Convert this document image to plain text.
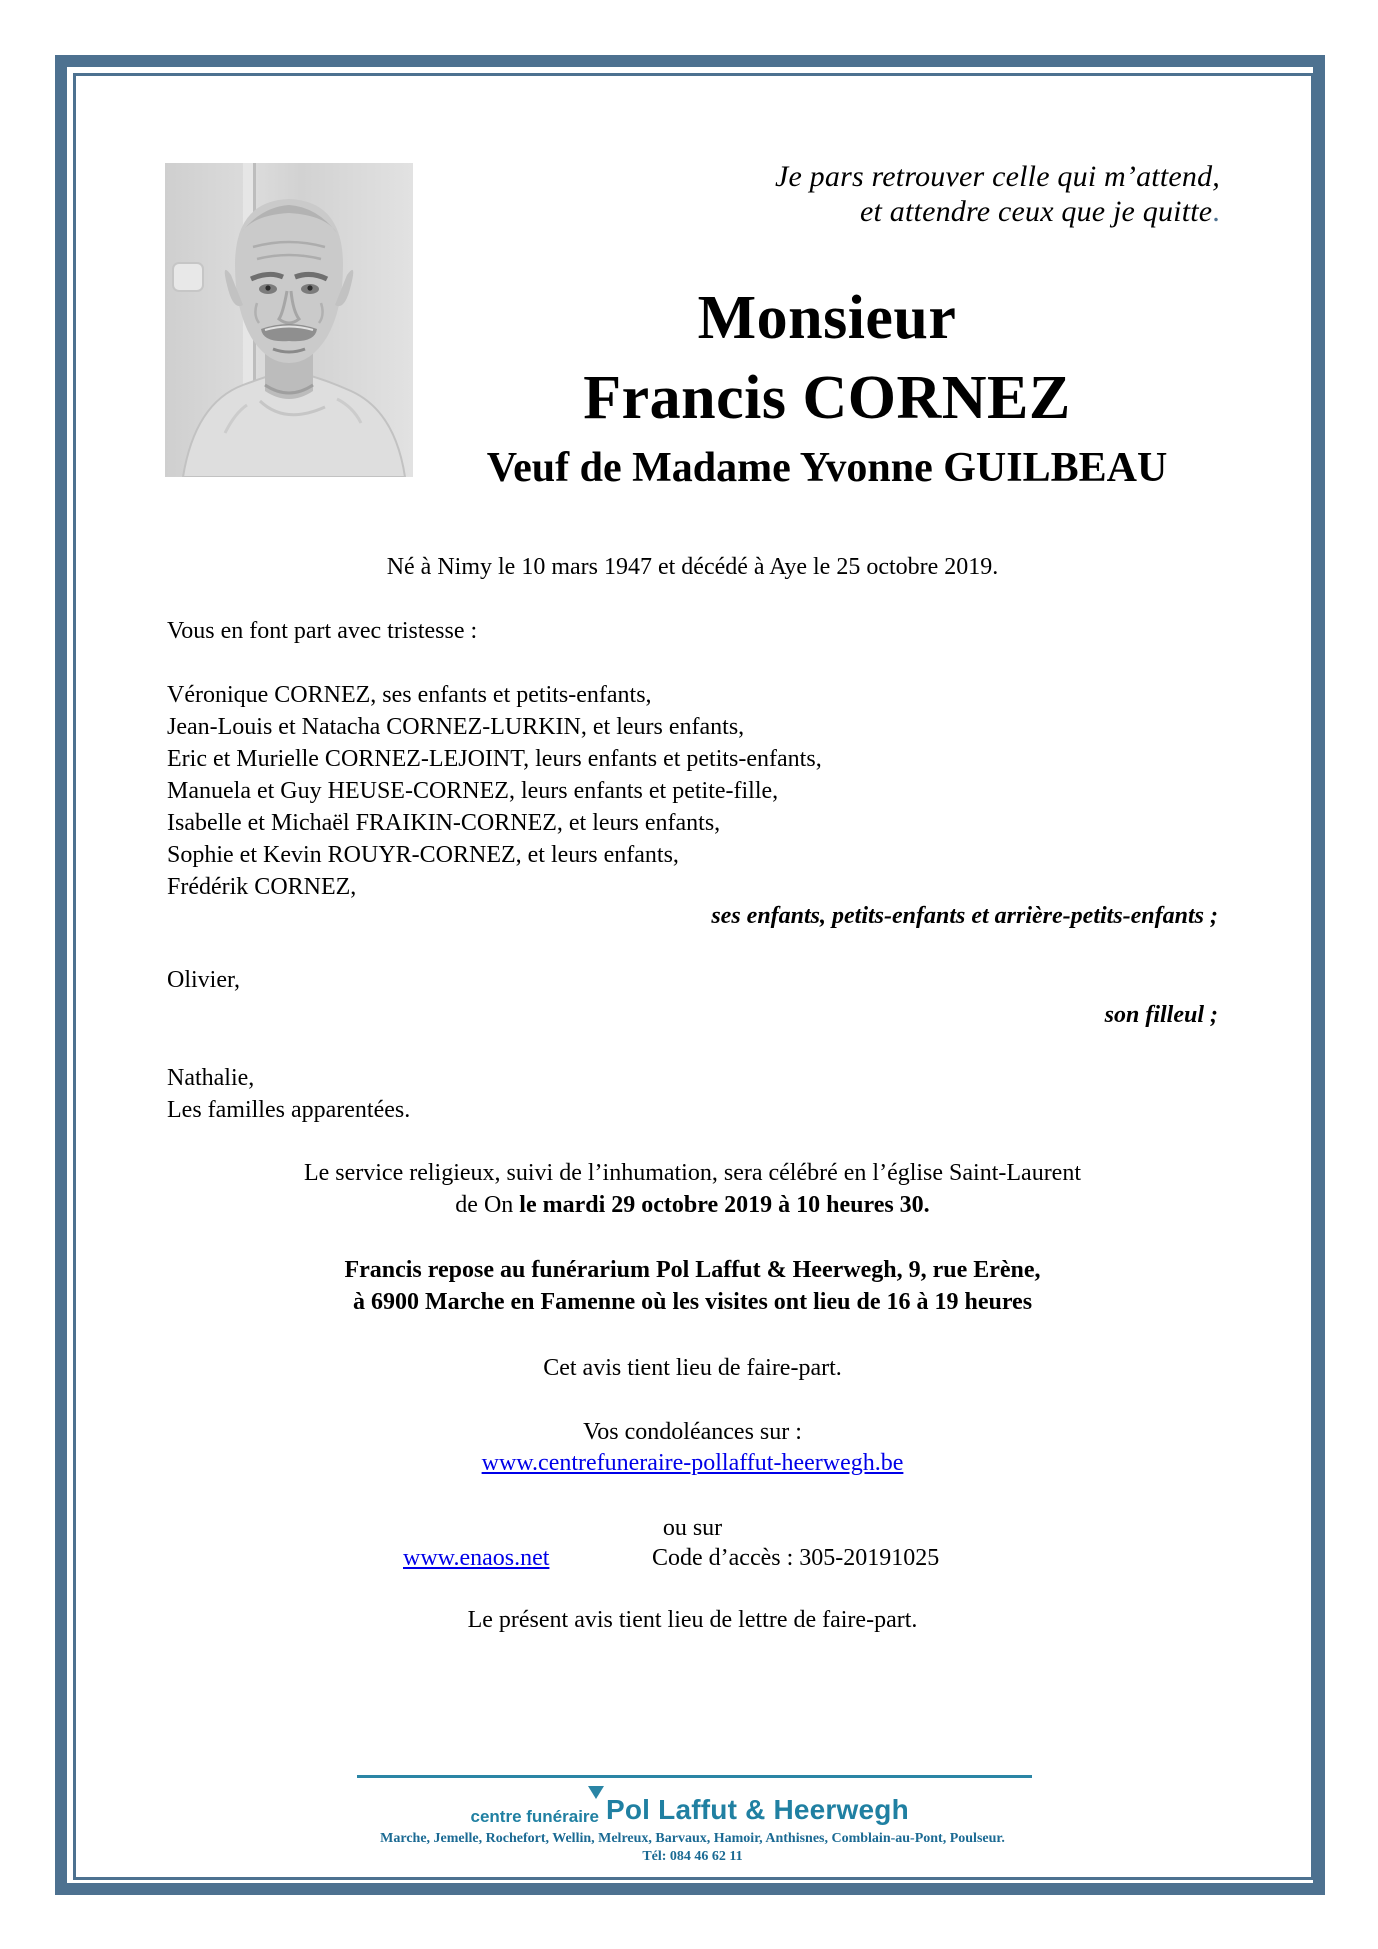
Je pars retrouver celle qui m’attend,
et attendre ceux que je quitte.
Monsieur
Francis CORNEZ
Veuf de Madame Yvonne GUILBEAU
Né à Nimy le 10 mars 1947 et décédé à Aye le 25 octobre 2019.
Vous en font part avec tristesse :
Véronique CORNEZ, ses enfants et petits-enfants,
Jean-Louis et Natacha CORNEZ-LURKIN, et leurs enfants,
Eric et Murielle CORNEZ-LEJOINT, leurs enfants et petits-enfants,
Manuela et Guy HEUSE-CORNEZ, leurs enfants et petite-fille,
Isabelle et Michaël FRAIKIN-CORNEZ, et leurs enfants,
Sophie et Kevin ROUYR-CORNEZ, et leurs enfants,
Frédérik CORNEZ,
ses enfants, petits-enfants et arrière-petits-enfants ;
Olivier,
son filleul ;
Nathalie,
Les familles apparentées.
Le service religieux, suivi de l’inhumation, sera célébré en l’église Saint-Laurent
de On le mardi 29 octobre 2019 à 10 heures 30.
Francis repose au funérarium Pol Laffut & Heerwegh, 9, rue Erène,
à 6900 Marche en Famenne où les visites ont lieu de 16 à 19 heures
Cet avis tient lieu de faire-part.
Vos condoléances sur :
www.centrefuneraire-pollaffut-heerwegh.be
ou sur
www.enaos.net	Code d’accès : 305-20191025
Le présent avis tient lieu de lettre de faire-part.
centre funéraire Pol Laffut & Heerwegh
Marche, Jemelle, Rochefort, Wellin, Melreux, Barvaux, Hamoir, Anthisnes, Comblain-au-Pont, Poulseur.
Tél: 084 46 62 11
